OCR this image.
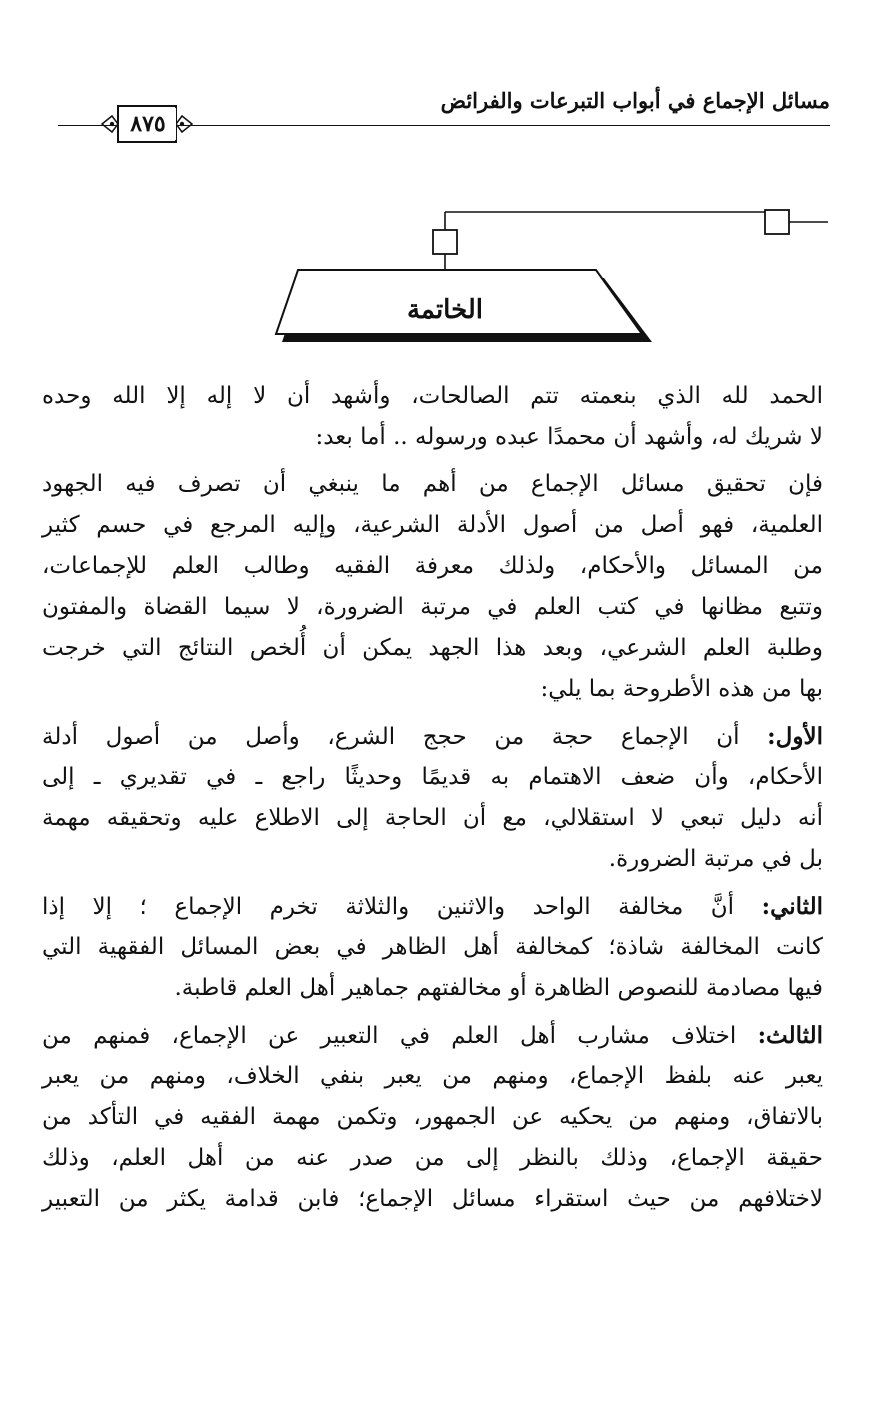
مسائل الإجماع في أبواب التبرعات والفرائض
٨٧٥
الخاتمة
الحمد لله الذي بنعمته تتم الصالحات، وأشهد أن لا إله إلا الله وحده
لا شريك له، وأشهد أن محمدًا عبده ورسوله .. أما بعد:
فإن تحقيق مسائل الإجماع من أهم ما ينبغي أن تصرف فيه الجهود
العلمية، فهو أصل من أصول الأدلة الشرعية، وإليه المرجع في حسم كثير
من المسائل والأحكام، ولذلك معرفة الفقيه وطالب العلم للإجماعات،
وتتبع مظانها في كتب العلم في مرتبة الضرورة، لا سيما القضاة والمفتون
وطلبة العلم الشرعي، وبعد هذا الجهد يمكن أن أُلخص النتائج التي خرجت
بها من هذه الأطروحة بما يلي:
الأول: أن الإجماع حجة من حجج الشرع، وأصل من أصول أدلة
الأحكام، وأن ضعف الاهتمام به قديمًا وحديثًا راجع ـ في تقديري ـ إلى
أنه دليل تبعي لا استقلالي، مع أن الحاجة إلى الاطلاع عليه وتحقيقه مهمة
بل في مرتبة الضرورة.
الثاني: أنَّ مخالفة الواحد والاثنين والثلاثة تخرم الإجماع ؛ إلا إذا
كانت المخالفة شاذة؛ كمخالفة أهل الظاهر في بعض المسائل الفقهية التي
فيها مصادمة للنصوص الظاهرة أو مخالفتهم جماهير أهل العلم قاطبة.
الثالث: اختلاف مشارب أهل العلم في التعبير عن الإجماع، فمنهم من
يعبر عنه بلفظ الإجماع، ومنهم من يعبر بنفي الخلاف، ومنهم من يعبر
بالاتفاق، ومنهم من يحكيه عن الجمهور، وتكمن مهمة الفقيه في التأكد من
حقيقة الإجماع، وذلك بالنظر إلى من صدر عنه من أهل العلم، وذلك
لاختلافهم من حيث استقراء مسائل الإجماع؛ فابن قدامة يكثر من التعبير
